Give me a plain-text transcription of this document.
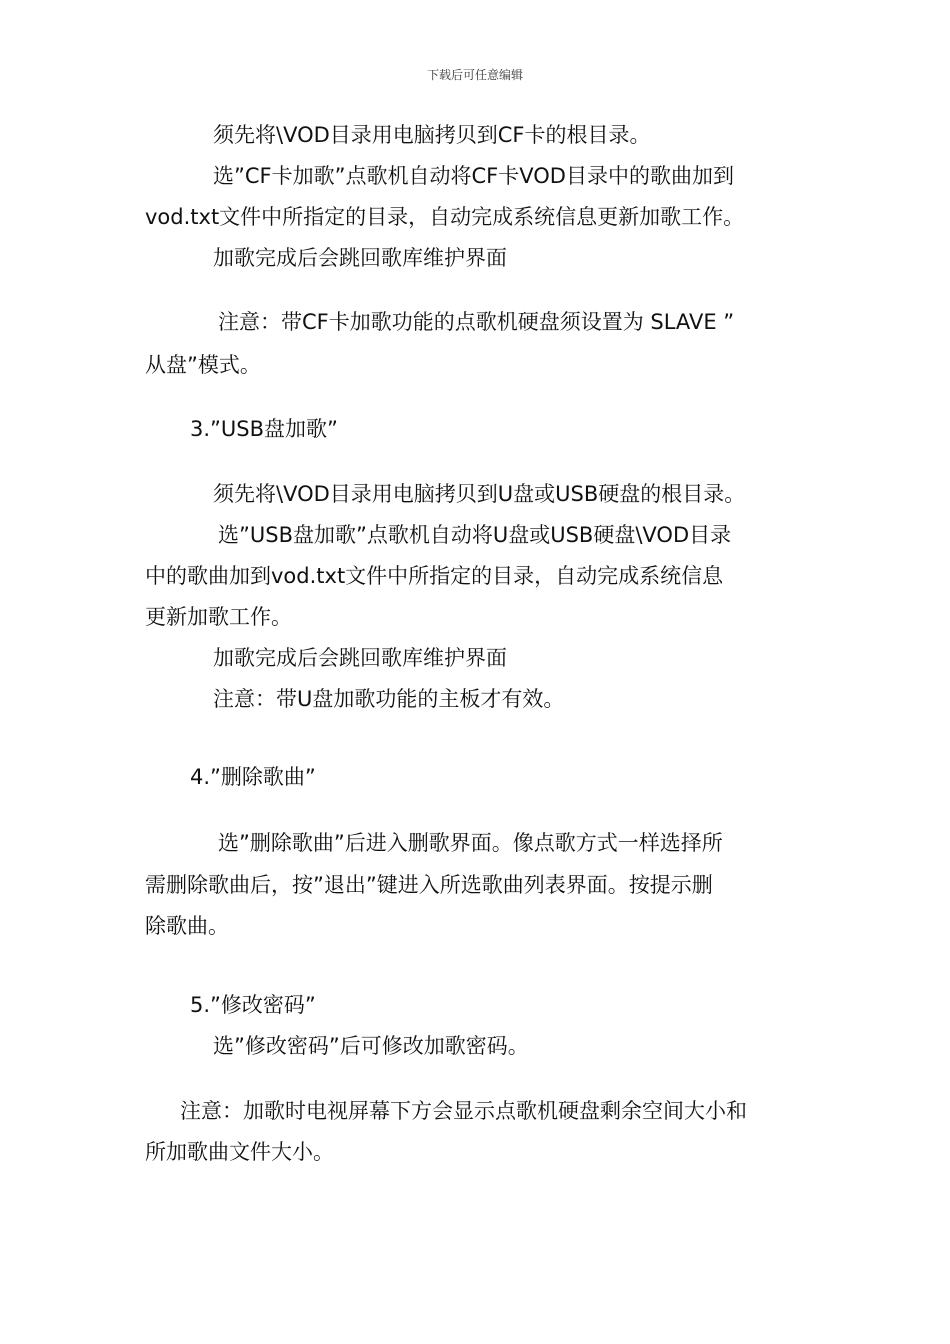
下载后可任意编辑
须先将\VOD目录用电脑拷贝到CF卡的根目录。
选”CF卡加歌”点歌机自动将CF卡VOD目录中的歌曲加到
vod.txt文件中所指定的目录，自动完成系统信息更新加歌工作。
加歌完成后会跳回歌库维护界面
注意：带CF卡加歌功能的点歌机硬盘须设置为 SLAVE ”
从盘”模式。
3.”USB盘加歌”
须先将\VOD目录用电脑拷贝到U盘或USB硬盘的根目录。
选”USB盘加歌”点歌机自动将U盘或USB硬盘\VOD目录
中的歌曲加到vod.txt文件中所指定的目录，自动完成系统信息
更新加歌工作。
加歌完成后会跳回歌库维护界面
注意：带U盘加歌功能的主板才有效。
4.”删除歌曲”
选”删除歌曲”后进入删歌界面。像点歌方式一样选择所
需删除歌曲后，按”退出”键进入所选歌曲列表界面。按提示删
除歌曲。
5.”修改密码”
选”修改密码”后可修改加歌密码。
注意：加歌时电视屏幕下方会显示点歌机硬盘剩余空间大小和
所加歌曲文件大小。
